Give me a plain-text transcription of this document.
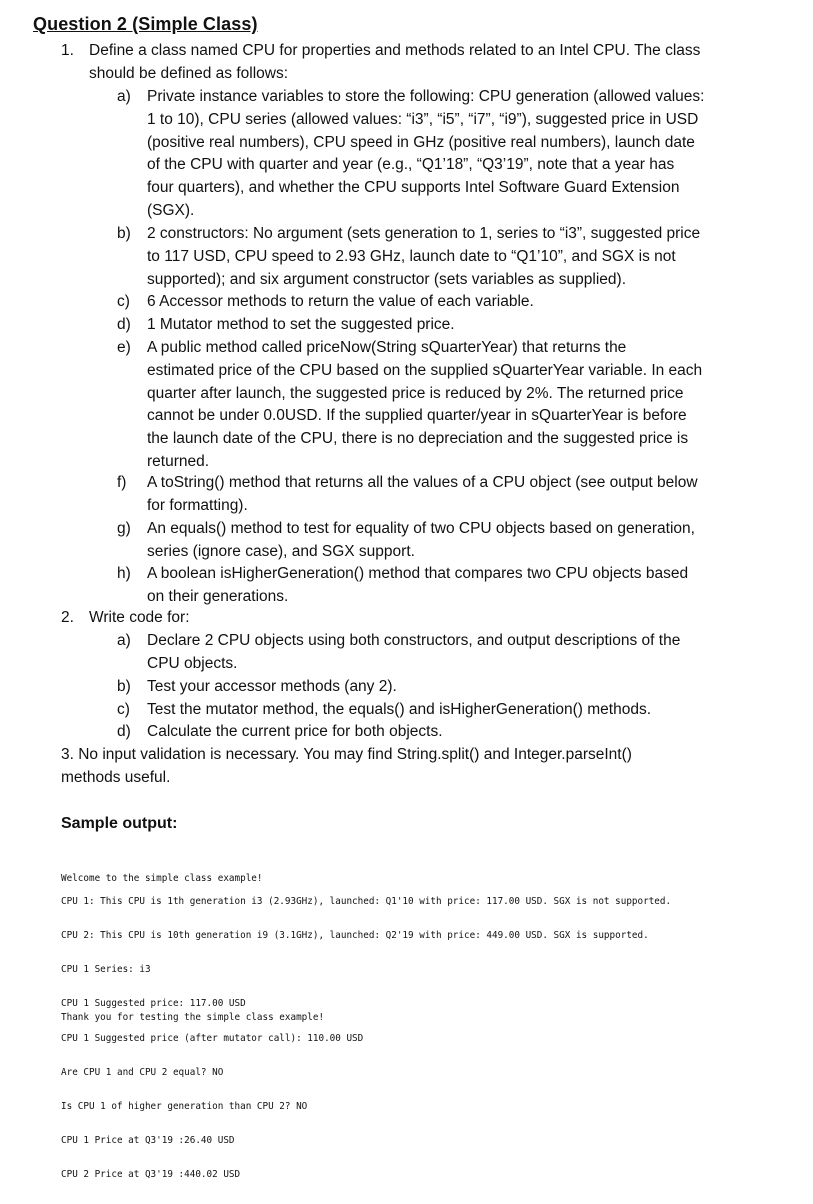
Question 2 (Simple Class)
1. Define a class named CPU for properties and methods related to an Intel CPU. The class
should be defined as follows:
a) Private instance variables to store the following: CPU generation (allowed values:
1 to 10), CPU series (allowed values: “i3”, “i5”, “i7”, “i9”), suggested price in USD
(positive real numbers), CPU speed in GHz (positive real numbers), launch date
of the CPU with quarter and year (e.g., “Q1’18”, “Q3’19”, note that a year has
four quarters), and whether the CPU supports Intel Software Guard Extension
(SGX).
b) 2 constructors: No argument (sets generation to 1, series to “i3”, suggested price
to 117 USD, CPU speed to 2.93 GHz, launch date to “Q1’10”, and SGX is not
supported); and six argument constructor (sets variables as supplied).
c) 6 Accessor methods to return the value of each variable.
d) 1 Mutator method to set the suggested price.
e) A public method called priceNow(String sQuarterYear) that returns the
estimated price of the CPU based on the supplied sQuarterYear variable. In each
quarter after launch, the suggested price is reduced by 2%. The returned price
cannot be under 0.0USD. If the supplied quarter/year in sQuarterYear is before
the launch date of the CPU, there is no depreciation and the suggested price is
returned.
f) A toString() method that returns all the values of a CPU object (see output below
for formatting).
g) An equals() method to test for equality of two CPU objects based on generation,
series (ignore case), and SGX support.
h) A boolean isHigherGeneration() method that compares two CPU objects based
on their generations.
2. Write code for:
a) Declare 2 CPU objects using both constructors, and output descriptions of the
CPU objects.
b) Test your accessor methods (any 2).
c) Test the mutator method, the equals() and isHigherGeneration() methods.
d) Calculate the current price for both objects.
3. No input validation is necessary. You may find String.split() and Integer.parseInt()
methods useful.
Sample output:

Welcome to the simple class example!

CPU 1: This CPU is 1th generation i3 (2.93GHz), launched: Q1'10 with price: 117.00 USD. SGX is not supported.

CPU 2: This CPU is 10th generation i9 (3.1GHz), launched: Q2'19 with price: 449.00 USD. SGX is supported.

CPU 1 Series: i3

CPU 1 Suggested price: 117.00 USD

CPU 1 Suggested price (after mutator call): 110.00 USD

Are CPU 1 and CPU 2 equal? NO

Is CPU 1 of higher generation than CPU 2? NO

CPU 1 Price at Q3'19 :26.40 USD

CPU 2 Price at Q3'19 :440.02 USD

Thank you for testing the simple class example!
